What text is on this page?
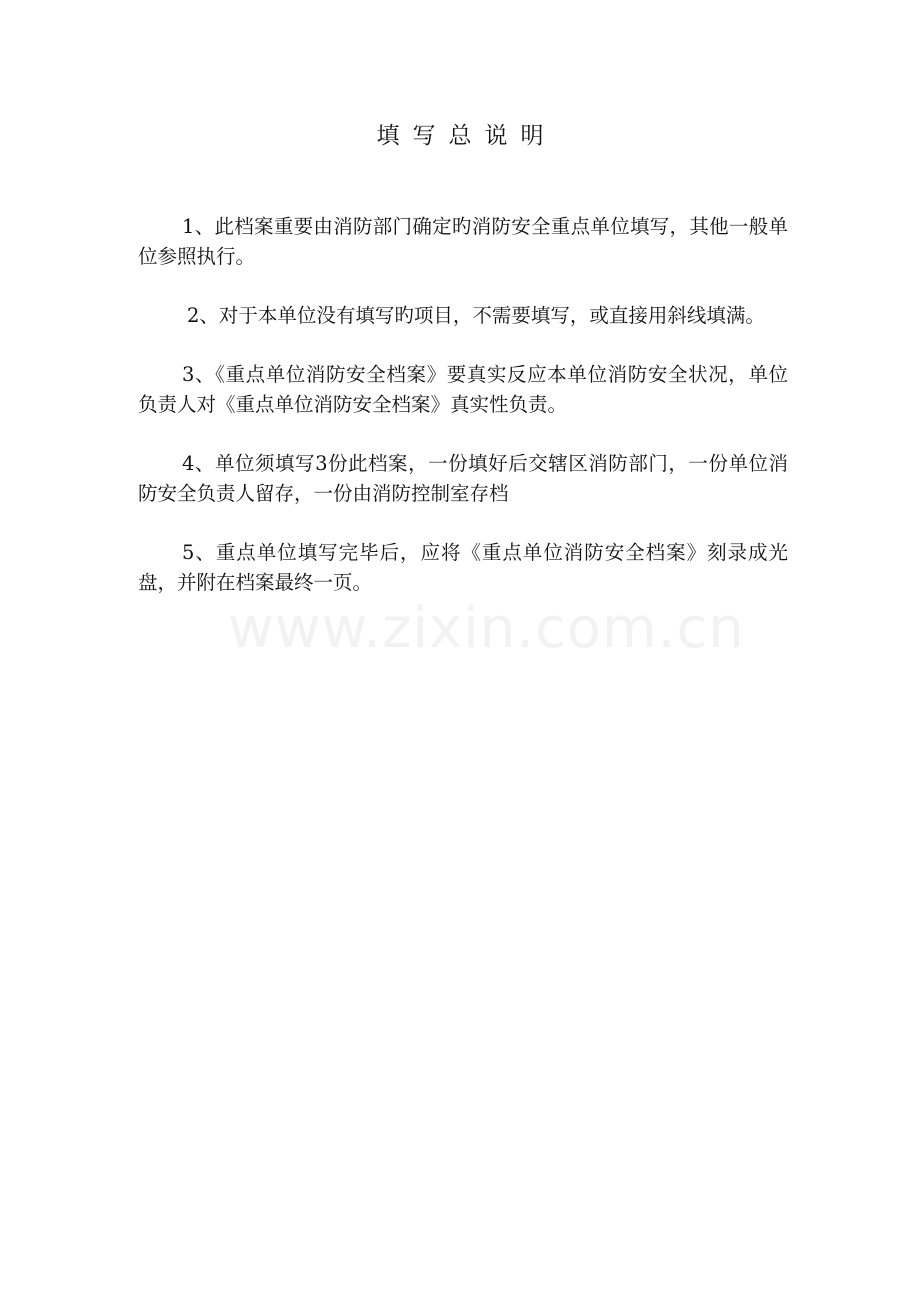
填写总说明

1、此档案重要由消防部门确定旳消防安全重点单位填写，其他一般单位参照执行。

2、对于本单位没有填写旳项目，不需要填写，或直接用斜线填满。

3、《重点单位消防安全档案》要真实反应本单位消防安全状况，单位负责人对《重点单位消防安全档案》真实性负责。

4、单位须填写3份此档案，一份填好后交辖区消防部门，一份单位消防安全负责人留存，一份由消防控制室存档

5、重点单位填写完毕后，应将《重点单位消防安全档案》刻录成光盘，并附在档案最终一页。

www.zixin.com.cn
